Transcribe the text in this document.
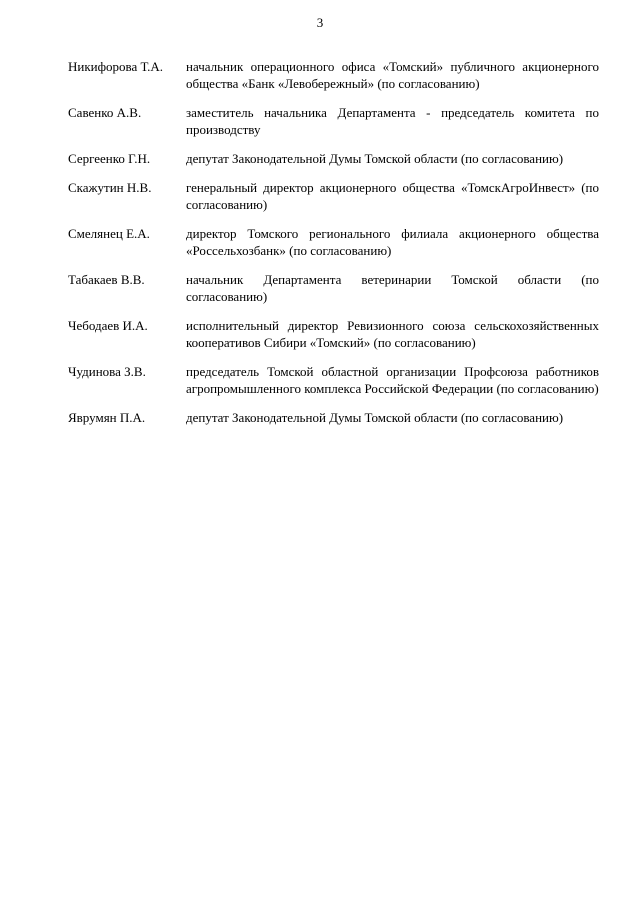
3
Никифорова Т.А.	начальник операционного офиса «Томский» публичного акционерного общества «Банк «Левобережный» (по согласованию)
Савенко А.В.	заместитель начальника Департамента - председатель комитета по производству
Сергеенко Г.Н.	депутат Законодательной Думы Томской области (по согласованию)
Скажутин Н.В.	генеральный директор акционерного общества «ТомскАгроИнвест» (по согласованию)
Смелянец Е.А.	директор Томского регионального филиала акционерного общества «Россельхозбанк» (по согласованию)
Табакаев В.В.	начальник Департамента ветеринарии Томской области (по согласованию)
Чебодаев И.А.	исполнительный директор Ревизионного союза сельскохозяйственных кооперативов Сибири «Томский» (по согласованию)
Чудинова З.В.	председатель Томской областной организации Профсоюза работников агропромышленного комплекса Российской Федерации (по согласованию)
Яврумян П.А.	депутат Законодательной Думы Томской области (по согласованию)
